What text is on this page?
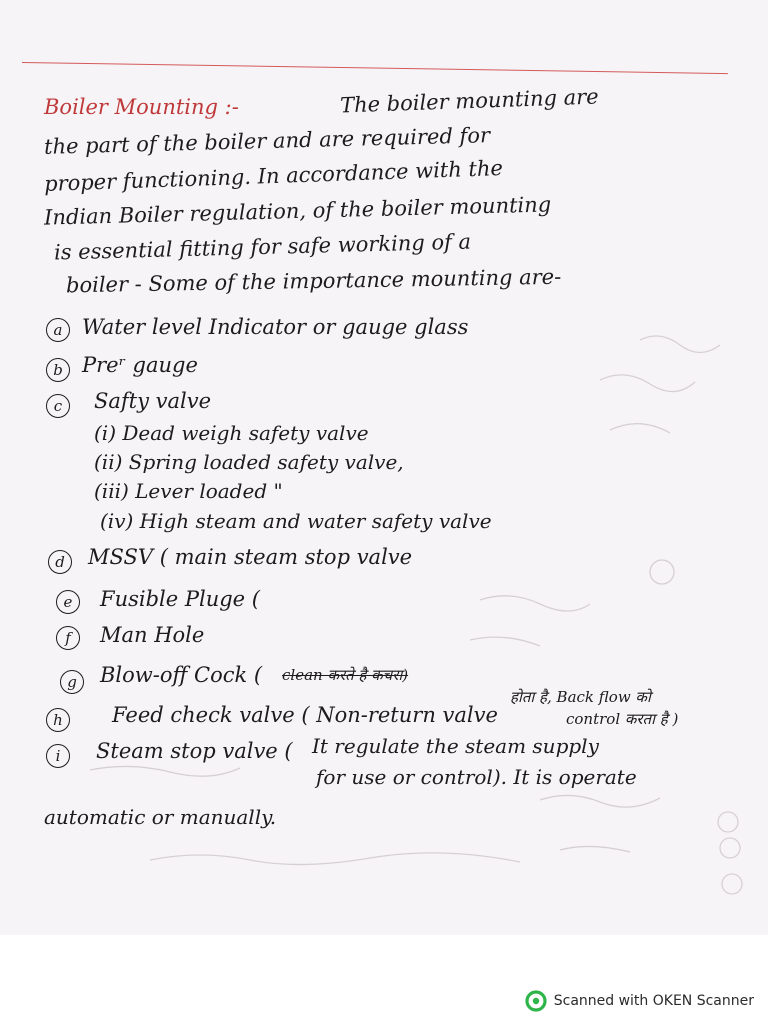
Boiler Mounting :-	The boiler mounting are
the part of the boiler and are required for
proper functioning. In accordance with the
Indian Boiler regulation, of the boiler mounting
is essential fitting for safe working of a
boiler - Some of the importance mounting are-
a Water level Indicator or gauge glass
b Preʳ gauge
c	Safty valve
(i) Dead weigh safety valve
(ii) Spring loaded safety valve,
(iii) Lever loaded "
(iv) High steam and water safety valve
d	MSSV ( main steam stop valve
e	Fusible Pluge (
f	Man Hole
g	Blow-off Cock ( clean करते है कचरा)
h	Feed check valve ( Non-return valve
होता है, Back flow को
control करता है )
i	Steam stop valve ( It regulate the steam supply
for use or control). It is operate
automatic or manually.
Scanned with OKEN Scanner
